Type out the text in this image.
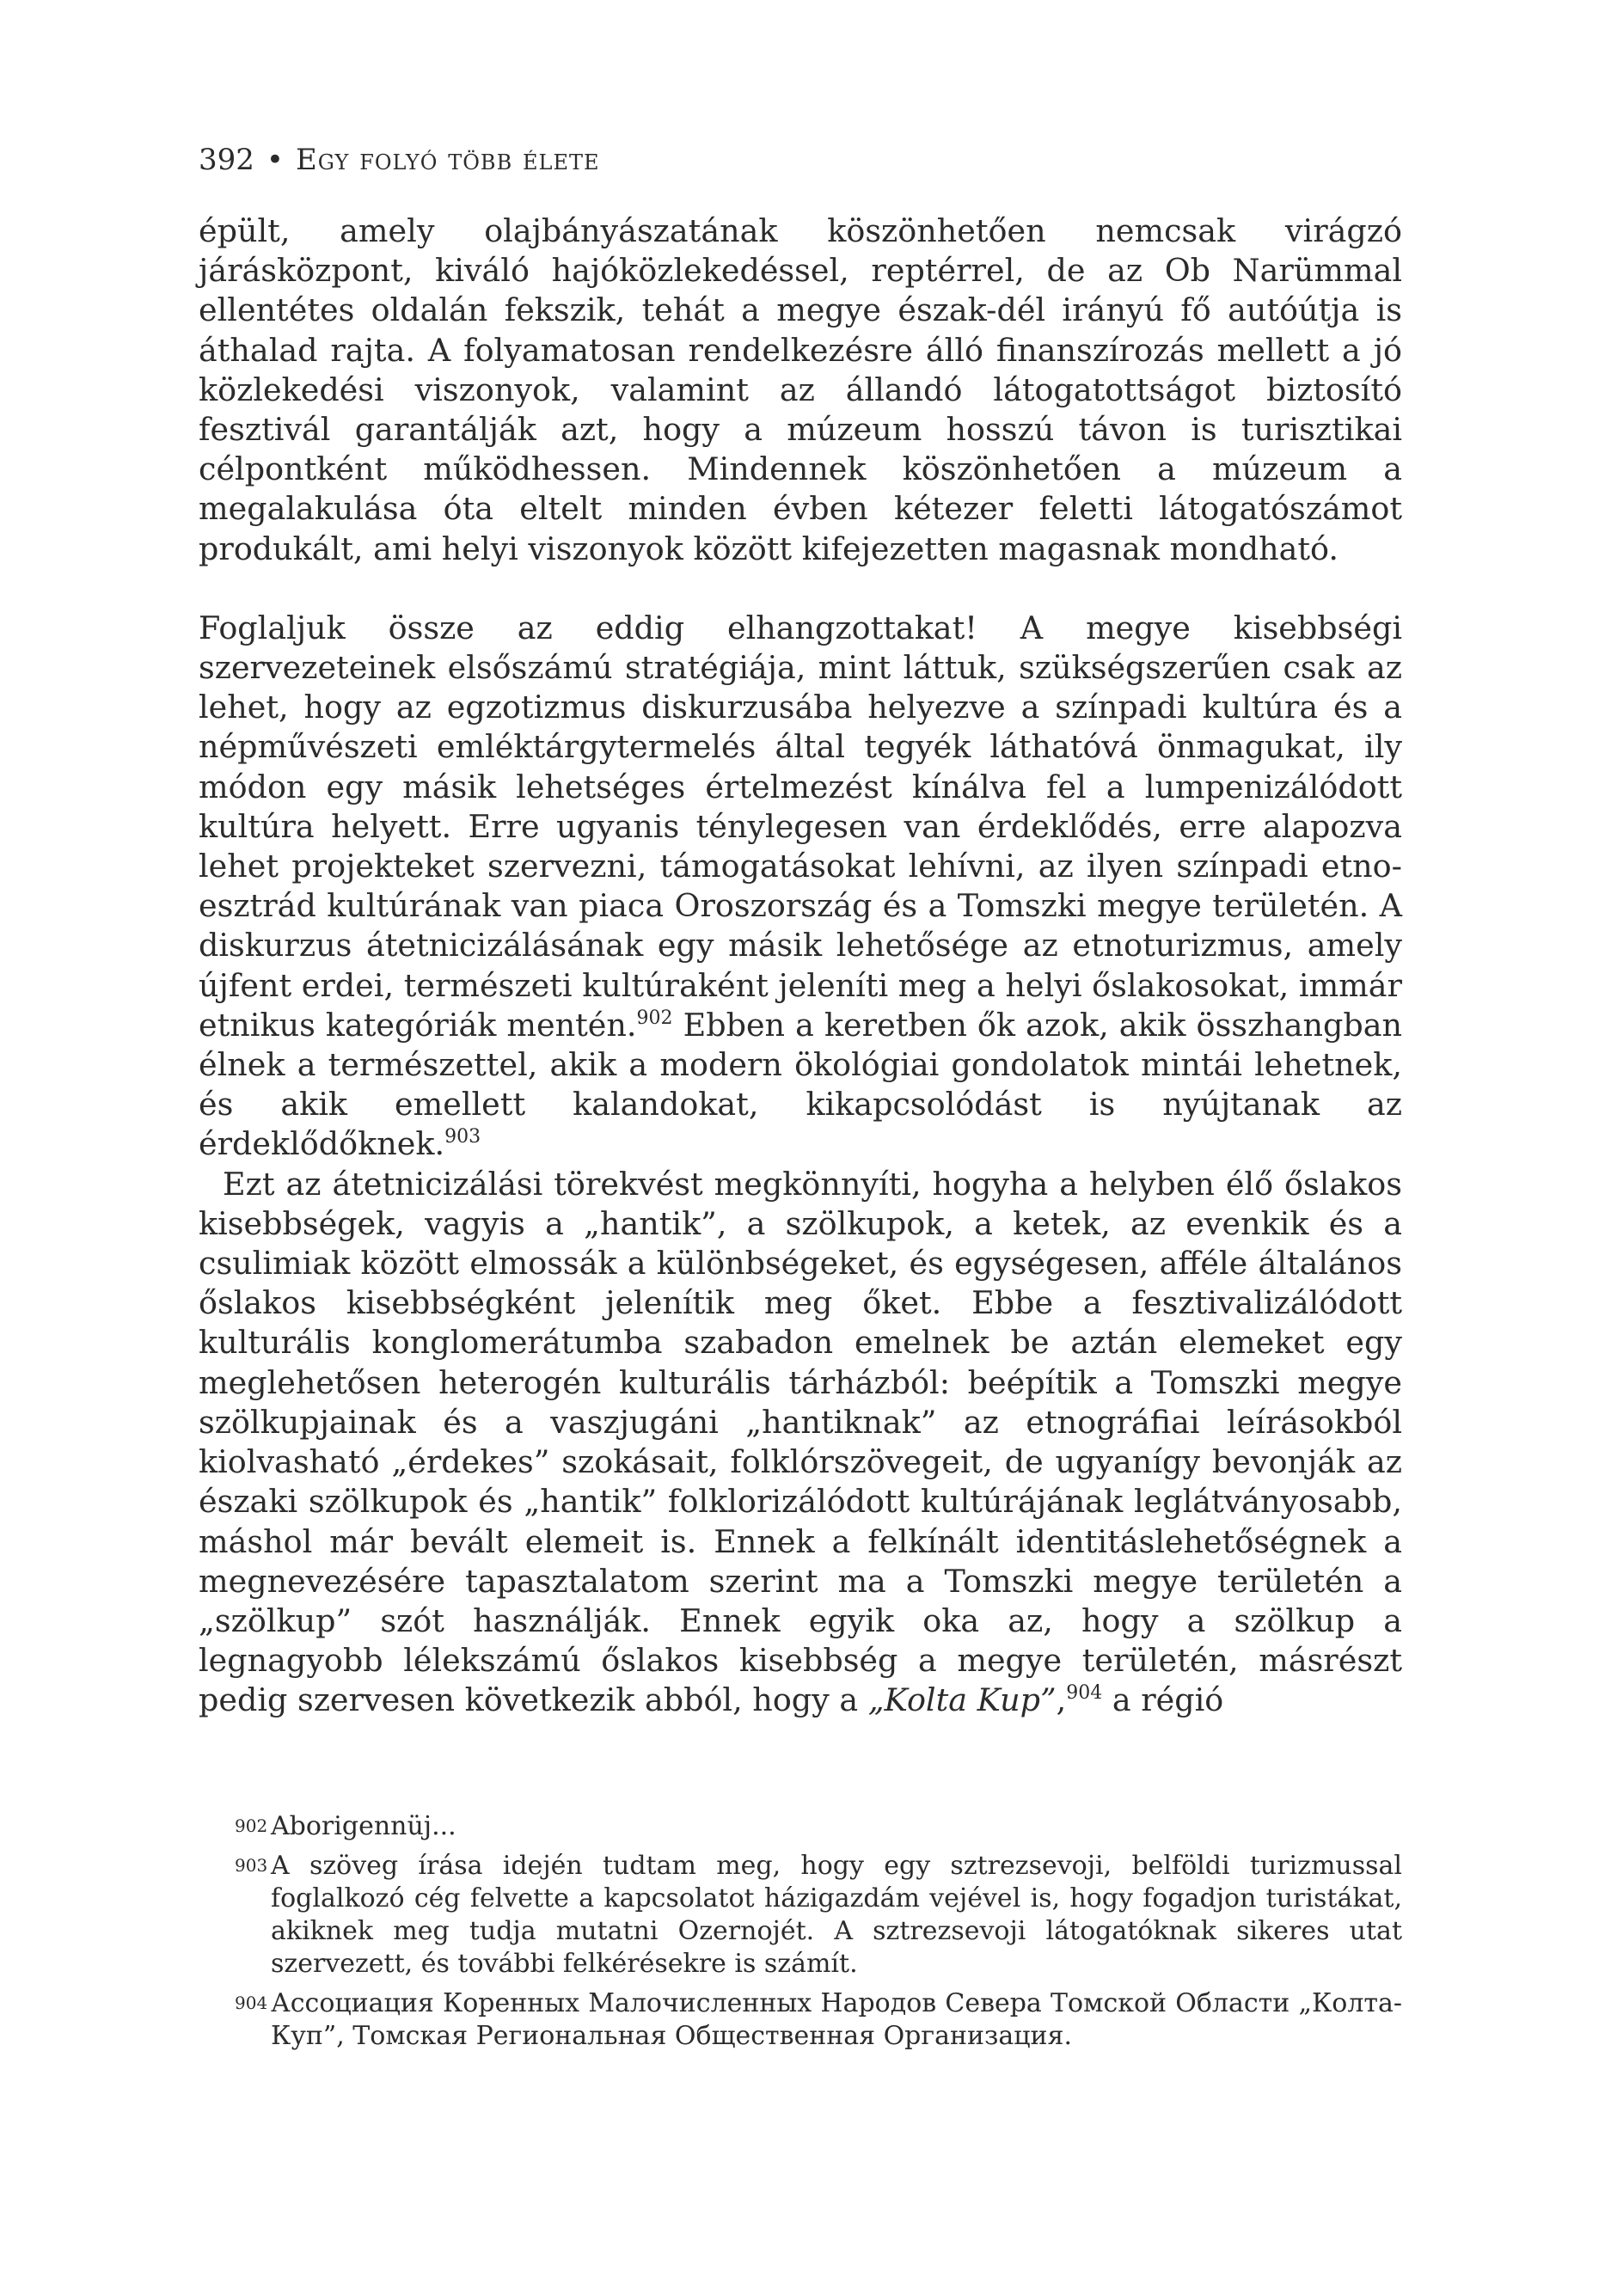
392 • Egy folyó több élete

épült, amely olajbányászatának köszönhetően nemcsak virágzó járásközpont, kiváló hajóközlekedéssel, reptérrel, de az Ob Narümmal ellentétes oldalán fekszik, tehát a megye észak-dél irányú fő autóútja is áthalad rajta. A folyamatosan rendelkezésre álló finanszírozás mellett a jó közlekedési viszonyok, valamint az állandó látogatottságot biztosító fesztivál garantálják azt, hogy a múzeum hosszú távon is turisztikai célpontként működhessen. Mindennek köszönhetően a múzeum a megalakulása óta eltelt minden évben kétezer feletti látogatószámot produkált, ami helyi viszonyok között kifejezetten magasnak mondható.

Foglaljuk össze az eddig elhangzottakat! A megye kisebbségi szervezeteinek elsőszámú stratégiája, mint láttuk, szükségszerűen csak az lehet, hogy az egzotizmus diskurzusába helyezve a színpadi kultúra és a népművészeti emléktárgytermelés által tegyék láthatóvá önmagukat, ily módon egy másik lehetséges értelmezést kínálva fel a lumpenizálódott kultúra helyett. Erre ugyanis ténylegesen van érdeklődés, erre alapozva lehet projekteket szervezni, támogatásokat lehívni, az ilyen színpadi etno-esztrád kultúrának van piaca Oroszország és a Tomszki megye területén. A diskurzus átetnicizálásának egy másik lehetősége az etnoturizmus, amely újfent erdei, természeti kultúraként jeleníti meg a helyi őslakosokat, immár etnikus kategóriák mentén.$^{902}$ Ebben a keretben ők azok, akik összhangban élnek a természettel, akik a modern ökológiai gondolatok mintái lehetnek, és akik emellett kalandokat, kikapcsolódást is nyújtanak az érdeklődőknek.$^{903}$

Ezt az átetnicizálási törekvést megkönnyíti, hogyha a helyben élő őslakos kisebbségek, vagyis a „hantik”, a szölkupok, a ketek, az evenkik és a csulimiak között elmossák a különbségeket, és egységesen, afféle általános őslakos kisebbségként jelenítik meg őket. Ebbe a fesztivalizálódott kulturális konglomerátumba szabadon emelnek be aztán elemeket egy meglehetősen heterogén kulturális tárházból: beépítik a Tomszki megye szölkupjainak és a vaszjugáni „hantiknak” az etnográfiai leírásokból kiolvasható „érdekes” szokásait, folklórszövegeit, de ugyanígy bevonják az északi szölkupok és „hantik” folklorizálódott kultúrájának leglátványosabb, máshol már bevált elemeit is. Ennek a felkínált identitáslehetőségnek a megnevezésére tapasztalatom szerint ma a Tomszki megye területén a „szölkup” szót használják. Ennek egyik oka az, hogy a szölkup a legnagyobb lélekszámú őslakos kisebbség a megye területén, másrészt pedig szervesen következik abból, hogy a „Kolta Kup”,$^{904}$ a régió

902 Aborigennüj...
903 A szöveg írása idején tudtam meg, hogy egy sztrezsevoji, belföldi turizmussal foglalkozó cég felvette a kapcsolatot házigazdám vejével is, hogy fogadjon turistákat, akiknek meg tudja mutatni Ozernojét. A sztrezsevoji látogatóknak sikeres utat szervezett, és további felkérésekre is számít.
904 Ассоциация Коренных Малочисленных Народов Севера Томской Области „Колта-Куп”, Томская Региональная Общественная Организация.
